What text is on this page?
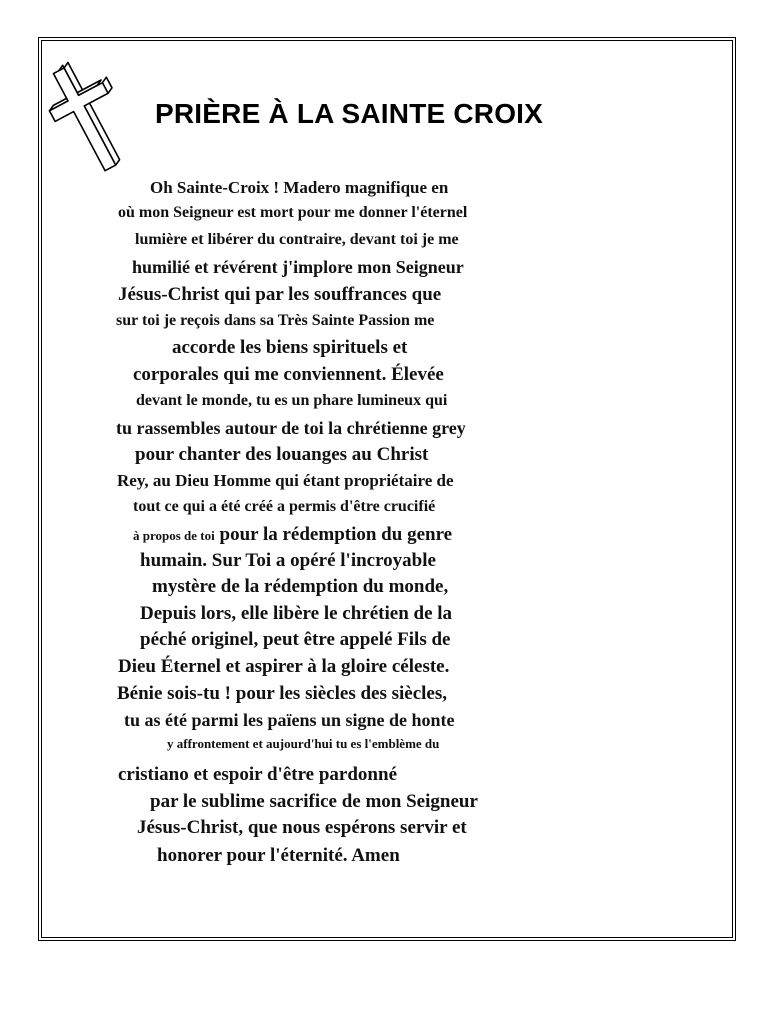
PRIÈRE À LA SAINTE CROIX
Oh Sainte-Croix ! Madero magnifique en
où mon Seigneur est mort pour me donner l'éternel
lumière et libérer du contraire, devant toi je me
humilié et révérent j'implore mon Seigneur
Jésus-Christ qui par les souffrances que
sur toi je reçois dans sa Très Sainte Passion me
accorde les biens spirituels et
corporales qui me conviennent. Élevée
devant le monde, tu es un phare lumineux qui
tu rassembles autour de toi la chrétienne grey
pour chanter des louanges au Christ
Rey, au Dieu Homme qui étant propriétaire de
tout ce qui a été créé a permis d'être crucifié
à propos de toi pour la rédemption du genre
humain. Sur Toi a opéré l'incroyable
mystère de la rédemption du monde,
Depuis lors, elle libère le chrétien de la
péché originel, peut être appelé Fils de
Dieu Éternel et aspirer à la gloire céleste.
Bénie sois-tu ! pour les siècles des siècles,
tu as été parmi les païens un signe de honte
y affrontement et aujourd'hui tu es l'emblème du
cristiano et espoir d'être pardonné
par le sublime sacrifice de mon Seigneur
Jésus-Christ, que nous espérons servir et
honorer pour l'éternité. Amen
